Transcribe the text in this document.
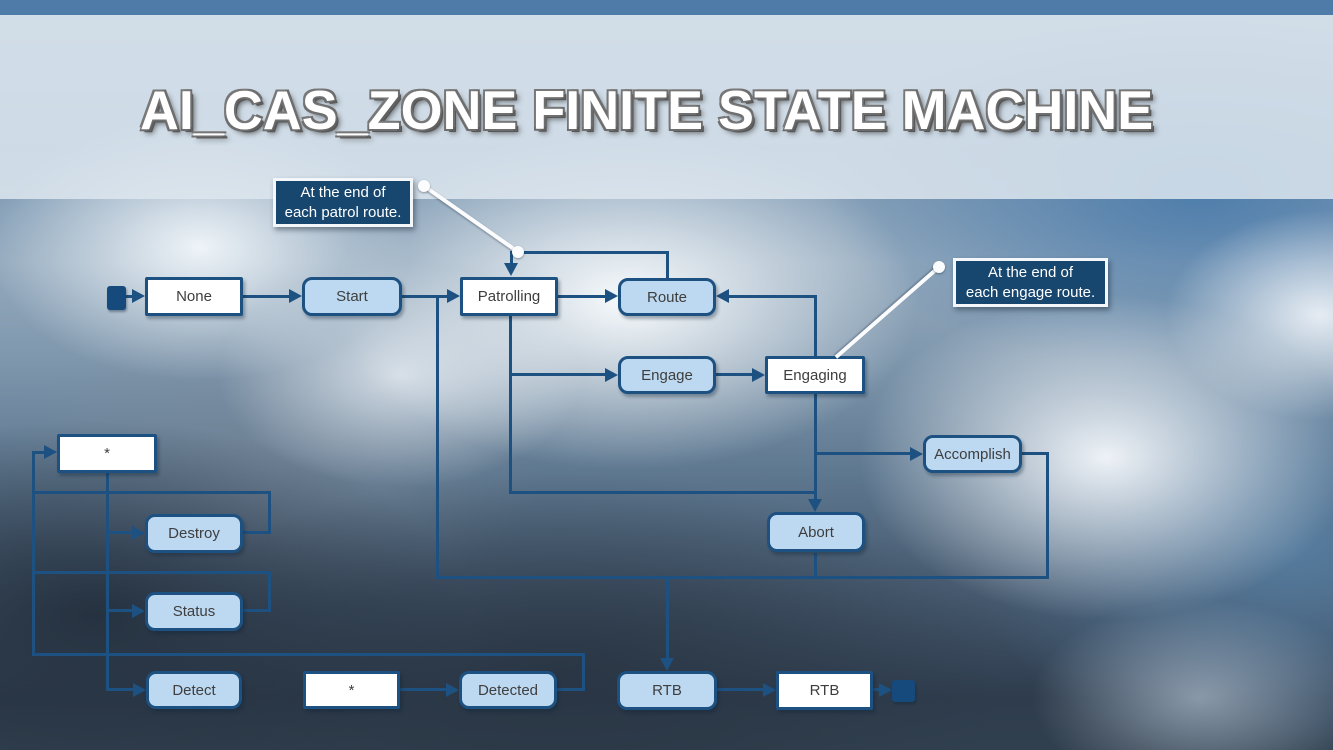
AI_CAS_ZONE FINITE STATE MACHINE
None	Start	Patrolling	Route
Engage	Engaging
Accomplish
Abort
*
Destroy
Status
Detect	*	Detected	RTB	RTB
At the end of
each patrol route.
At the end of
each engage route.
